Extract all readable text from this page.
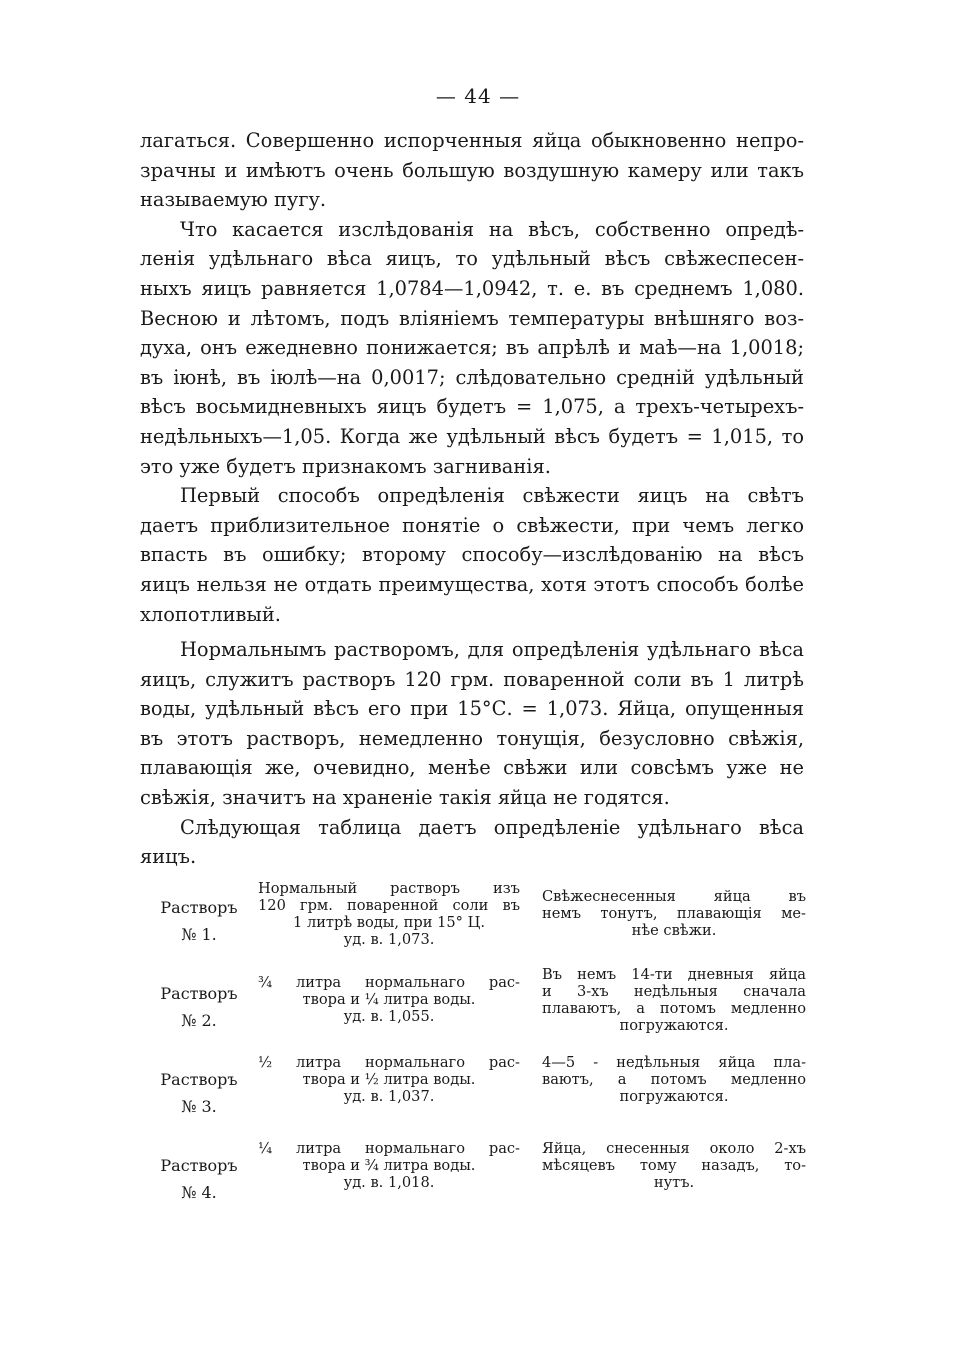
— 44 —

лагаться. Совершенно испорченныя яйца обыкновенно непро-
зрачны и имѣютъ очень большую воздушную камеру или такъ
называемую пугу.

Что касается изслѣдованія на вѣсъ, собственно опредѣ-
ленія удѣльнаго вѣса яицъ, то удѣльный вѣсъ свѣжеспесен-
ныхъ яицъ равняется 1,0784—1,0942, т. е. въ среднемъ 1,080.
Весною и лѣтомъ, подъ вліяніемъ температуры внѣшняго воз-
духа, онъ ежедневно понижается; въ апрѣлѣ и маѣ—на 1,0018;
въ іюнѣ, въ іюлѣ—на 0,0017; слѣдовательно средній удѣльный
вѣсъ восьмидневныхъ яицъ будетъ = 1,075, а трехъ-четырехъ-
недѣльныхъ—1,05. Когда же удѣльный вѣсъ будетъ = 1,015, то
это уже будетъ признакомъ загниванія.

Первый способъ опредѣленія свѣжести яицъ на свѣтъ
даетъ приблизительное понятіе о свѣжести, при чемъ легко
впасть въ ошибку; второму способу—изслѣдованію на вѣсъ
яицъ нельзя не отдать преимущества, хотя этотъ способъ болѣе
хлопотливый.

Нормальнымъ растворомъ, для опредѣленія удѣльнаго вѣса
яицъ, служитъ растворъ 120 грм. поваренной соли въ 1 литрѣ
воды, удѣльный вѣсъ его при 15°С. = 1,073. Яйца, опущенныя
въ этотъ растворъ, немедленно тонущія, безусловно свѣжія,
плавающія же, очевидно, менѣе свѣжи или совсѣмъ уже не
свѣжія, значитъ на храненіе такія яйца не годятся.

Слѣдующая таблица даетъ опредѣленіе удѣльнаго вѣса
яицъ.

Растворъ
№ 1.	Нормальный растворъ изъ
120 грм. поваренной соли въ
1 литрѣ воды, при 15° Ц.
уд. в. 1,073.	Свѣжеснесенныя яйца въ
немъ тонутъ, плавающія ме-
нѣе свѣжи.

Растворъ
№ 2.	¾ литра нормальнаго рас-
твора и ¼ литра воды.
уд. в. 1,055.	Въ немъ 14-ти дневныя яйца
и 3-хъ недѣльныя сначала
плаваютъ, а потомъ медленно
погружаются.

Растворъ
№ 3.	½ литра нормальнаго рас-
твора и ½ литра воды.
уд. в. 1,037.	4—5 - недѣльныя яйца пла-
ваютъ, а потомъ медленно
погружаются.

Растворъ
№ 4.	¼ литра нормальнаго рас-
твора и ¾ литра воды.
уд. в. 1,018.	Яйца, снесенныя около 2-хъ
мѣсяцевъ тому назадъ, то-
нутъ.
